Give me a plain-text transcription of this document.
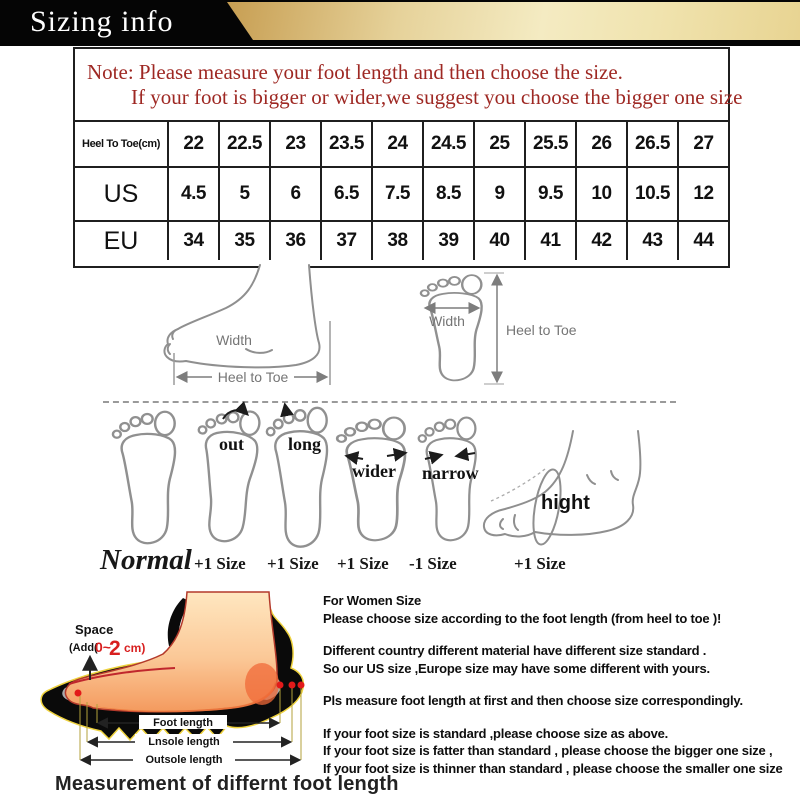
Sizing info
Note: Please measure your foot length and then choose the size.
If your foot is bigger or wider,we suggest you choose the bigger one size
Heel To Toe(cm)	22	22.5	23	23.5	24	24.5	25	25.5	26	26.5	27
US	4.5	5	6	6.5	7.5	8.5	9	9.5	10	10.5	12
EU	34	35	36	37	38	39	40	41	42	43	44
Width
Heel to Toe
Width
Heel to Toe
out long
wider narrow
hight
Normal +1 Size +1 Size +1 Size -1 Size	+1 Size
Foot length
Lnsole length
Outsole length
Space
(Add(
0~
2 cm)

For Women Size

Please choose size according to the foot length (from heel to toe )!

Different country different material have different size standard .

So our US size ,Europe size may have some different with yours.

Pls measure foot length at first and then choose size correspondingly.

If your foot size is standard ,please choose size as above.

If your foot size is fatter than standard , please choose the bigger one size ,

If your foot size is thinner than standard , please choose the smaller one size

Measurement of differnt foot length
